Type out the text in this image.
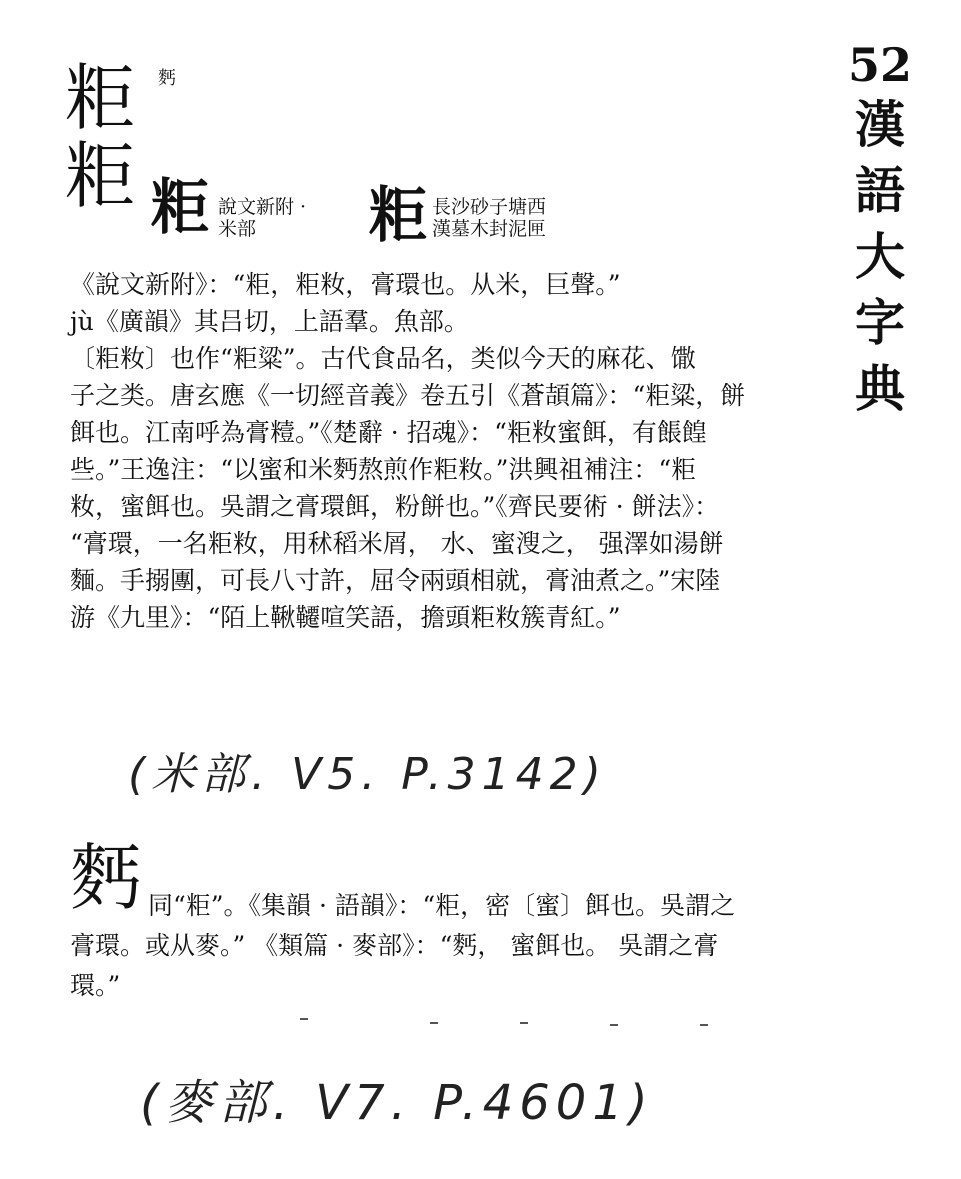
52
漢
語
大
字
典
粔 麫
粔 粔 說文新附 ·
米部 粔 長沙砂子塘西
漢墓木封泥匣
《說文新附》：“粔，粔籹，膏環也。从米，巨聲。”
jù《廣韻》其吕切，上語羣。魚部。
〔粔籹〕也作“粔粱”。古代食品名，类似今天的麻花、馓
子之类。唐玄應《一切經音義》卷五引《蒼頡篇》：“粔粱，餅
餌也。江南呼為膏䊦。”《楚辭 · 招魂》：“粔籹蜜餌，有餦餭
些。”王逸注：“以蜜和米麪熬煎作粔籹。”洪興祖補注：“粔
籹，蜜餌也。吳謂之膏環餌，粉餅也。”《齊民要術 · 餅法》：
“膏環，一名粔籹，用秫稻米屑， 水、蜜溲之， 强澤如湯餅
麵。手搦團，可長八寸許，屈令兩頭相就，膏油煮之。”宋陸
游《九里》：“陌上鞦韆喧笑語，擔頭粔籹簇青紅。”
(米部. V5. P.3142)
麫 同“粔”。《集韻 · 語韻》：“粔，密〔蜜〕餌也。吳謂之
膏環。或从麥。” 《類篇 · 麥部》：“麫， 蜜餌也。 吳謂之膏
環。”
(麥部. V7. P.4601)
